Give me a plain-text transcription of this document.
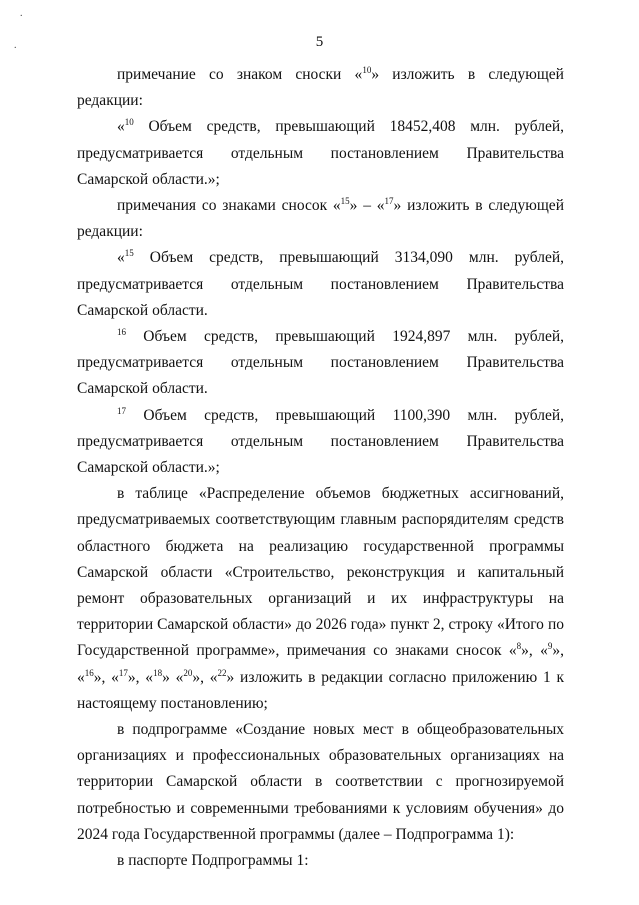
.
.	5

примечание со знаком сноски «$^{10}$» изложить в следующей редакции:

«$^{10}$ Объем средств, превышающий 18452,408 млн. рублей, предусматривается отдельным постановлением Правительства Самарской области.»;

примечания со знаками сносок «$^{15}$» – «$^{17}$» изложить в следующей редакции:

«$^{15}$ Объем средств, превышающий 3134,090 млн. рублей, предусматривается отдельным постановлением Правительства Самарской области.

$^{16}$ Объем средств, превышающий 1924,897 млн. рублей, предусматривается отдельным постановлением Правительства Самарской области.

$^{17}$ Объем средств, превышающий 1100,390 млн. рублей, предусматривается отдельным постановлением Правительства Самарской области.»;

в таблице «Распределение объемов бюджетных ассигнований, предусматриваемых соответствующим главным распорядителям средств областного бюджета на реализацию государственной программы Самарской области «Строительство, реконструкция и капитальный ремонт образовательных организаций и их инфраструктуры на территории Самарской области» до 2026 года» пункт 2, строку «Итого по Государственной программе», примечания со знаками сносок «$^8$», «$^9$», «$^{16}$», «$^{17}$», «$^{18}$» «$^{20}$», «$^{22}$» изложить в редакции согласно приложению 1 к настоящему постановлению;

в подпрограмме «Создание новых мест в общеобразовательных организациях и профессиональных образовательных организациях на территории Самарской области в соответствии с прогнозируемой потребностью и современными требованиями к условиям обучения» до 2024 года Государственной программы (далее – Подпрограмма 1):

в паспорте Подпрограммы 1:
